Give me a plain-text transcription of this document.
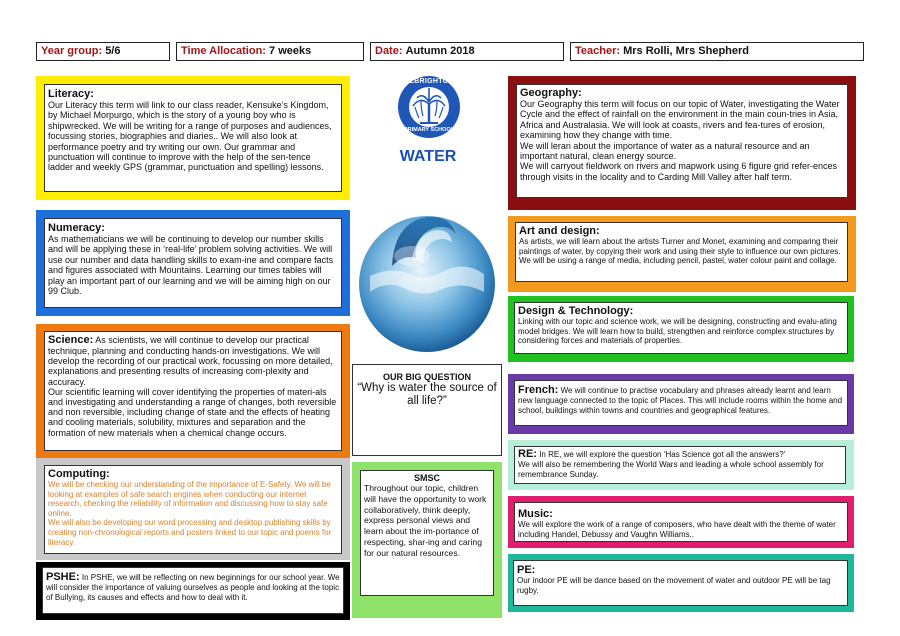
Year group: 5/6	Time Allocation: 7 weeks	Date: Autumn 2018	Teacher: Mrs Rolli, Mrs Shepherd
Literacy:
Our Literacy this term will link to our class reader, Kensuke’s Kingdom, by Michael Morpurgo, which is the story of a young boy who is shipwrecked. We will be writing for a range of purposes and audiences, focussing stories, biographies and diaries.. We will also look at performance poetry and try writing our own. Our grammar and punctuation will continue to improve with the help of the sen-tence ladder and weekly GPS (grammar, punctuation and spelling) lessons.
Numeracy:
As mathematicians we will be continuing to develop our number skills and will be applying these in ‘real-life’ problem solving activities. We will use our number and data handling skills to exam-ine and compare facts and figures associated with Mountains. Learning our times tables will play an important part of our learning and we will be aiming high on our 99 Club.
Science: As scientists, we will continue to develop our practical technique, planning and conducting hands-on investigations. We will develop the recording of our practical work, focussing on more detailed, explanations and presenting results of increasing com-plexity and accuracy.
Our scientific learning will cover identifying the properties of materi-als and investigating and understanding a range of changes, both reversible and non reversible, including change of state and the effects of heating and cooling materials, solubility, mixtures and separation and the formation of new materials when a chemical change occurs.
Computing:
We will be checking our understanding of the importance of E-Safety. We will be looking at examples of safe search engines when conducting our internet research, checking the reliability of information and discussing how to stay safe online.
We will also be developing our word processing and desktop publishing skills by creating non-chronological reports and posters linked to our topic and poems for literacy.
PSHE: In PSHE, we will be reflecting on new beginnings for our school year. We will consider the importance of valuing ourselves as people and looking at the topic of Bullying, its causes and effects and how to deal with it.
ALBRIGHTON
PRIMARY SCHOOL
WATER
OUR BIG QUESTION
“Why is water the source of all life?”
SMSC
Throughout our topic, children will have the opportunity to work collaboratively, think deeply, express personal views and learn about the im-portance of respecting, shar-ing and caring for our natural resources.
Geography:
Our Geography this term will focus on our topic of Water, investigating the Water Cycle and the effect of rainfall on the environment in the main coun-tries in Asia, Africa and Australasia. We will look at coasts, rivers and fea-tures of erosion, examining how they change with time.
We will leran about the importance of water as a natural resource and an important natural, clean energy source.
We will carryout fieldwork on rivers and mapwork using 6 figure grid refer-ences through visits in the locality and to Carding Mill Valley after half term.
Art and design:
As artists, we will learn about the artists Turner and Monet, examining and comparing their paintings of water, by copying their work and using their style to influence our own pictures. We will be using a range of media, including pencil, pastel, water colour paint and collage.
Design & Technology:
Linking with our topic and science work, we will be designing, constructing and evalu-ating model bridges. We will learn how to build, strengthen and reinforce complex structures by considering forces and materials of properties.
French: We will continue to practise vocabulary and phrases already learnt and learn new language connected to the topic of Places. This will include rooms within the home and school, buildings within towns and countries and geographical features.
RE: In RE, we will explore the question ‘Has Science got all the answers?’
We will also be remembering the World Wars and leading a whole school assembly for remembrance Sunday.
Music:
We will explore the work of a range of composers, who have dealt with the theme of water including Handel, Debussy and Vaughn Williams..
PE:
Our indoor PE will be dance based on the movement of water and outdoor PE will be tag rugby.
